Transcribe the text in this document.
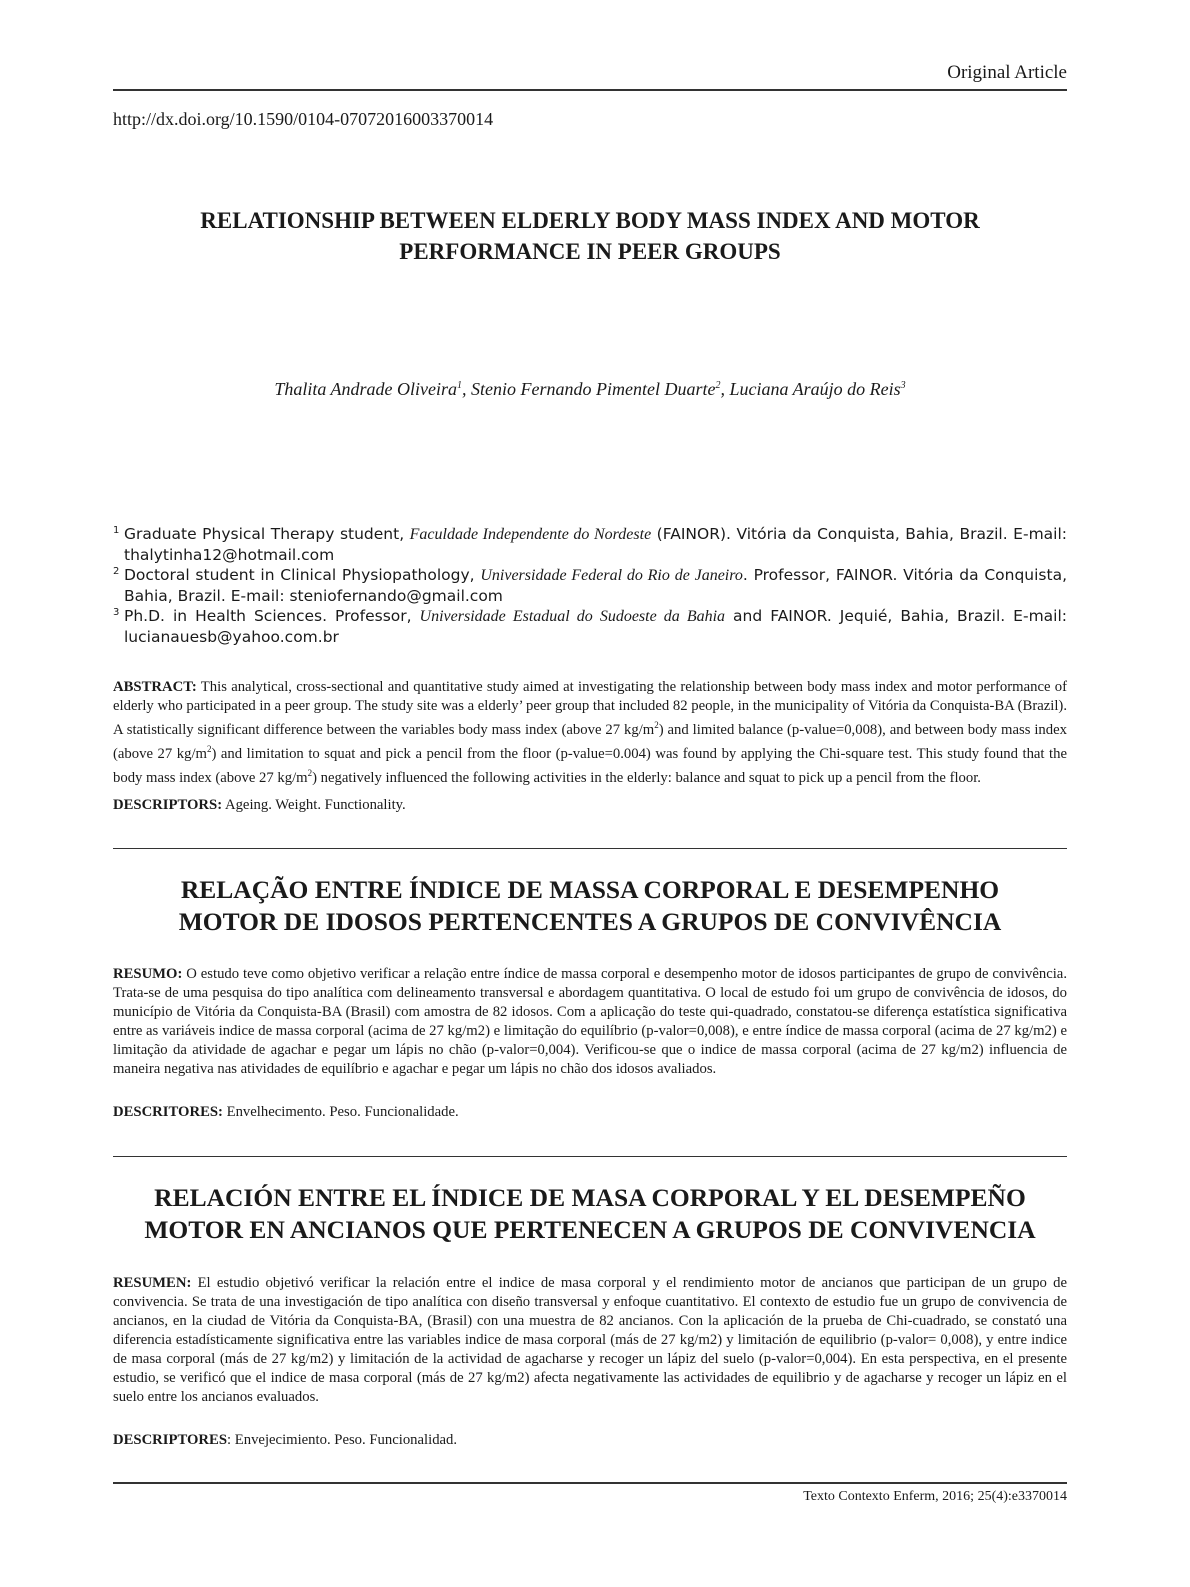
Original Article
http://dx.doi.org/10.1590/0104-07072016003370014
RELATIONSHIP BETWEEN ELDERLY BODY MASS INDEX AND MOTOR
PERFORMANCE IN PEER GROUPS
Thalita Andrade Oliveira$^1$, Stenio Fernando Pimentel Duarte$^2$, Luciana Araújo do Reis$^3$
1 Graduate Physical Therapy student, Faculdade Independente do Nordeste (FAINOR). Vitória da Conquista, Bahia, Brazil. E-mail: thalytinha12@hotmail.com
2 Doctoral student in Clinical Physiopathology, Universidade Federal do Rio de Janeiro. Professor, FAINOR. Vitória da Conquista, Bahia, Brazil. E-mail: steniofernando@gmail.com
3 Ph.D. in Health Sciences. Professor, Universidade Estadual do Sudoeste da Bahia and FAINOR. Jequié, Bahia, Brazil. E-mail: lucianauesb@yahoo.com.br
ABSTRACT: This analytical, cross-sectional and quantitative study aimed at investigating the relationship between body mass index and motor performance of elderly who participated in a peer group. The study site was a elderly’ peer group that included 82 people, in the municipality of Vitória da Conquista-BA (Brazil). A statistically significant difference between the variables body mass index (above 27 $kg/m^2$) and limited balance (p-value=0,008), and between body mass index (above 27 $kg/m^2$) and limitation to squat and pick a pencil from the floor (p-value=0.004) was found by applying the Chi-square test. This study found that the body mass index (above 27 $kg/m^2$) negatively influenced the following activities in the elderly: balance and squat to pick up a pencil from the floor.
DESCRIPTORS: Ageing. Weight. Functionality.
RELAÇÃO ENTRE ÍNDICE DE MASSA CORPORAL E DESEMPENHO
MOTOR DE IDOSOS PERTENCENTES A GRUPOS DE CONVIVÊNCIA
RESUMO: O estudo teve como objetivo verificar a relação entre índice de massa corporal e desempenho motor de idosos participantes de grupo de convivência. Trata-se de uma pesquisa do tipo analítica com delineamento transversal e abordagem quantitativa. O local de estudo foi um grupo de convivência de idosos, do município de Vitória da Conquista-BA (Brasil) com amostra de 82 idosos. Com a aplicação do teste qui-quadrado, constatou-se diferença estatística significativa entre as variáveis indice de massa corporal (acima de 27 kg/m2) e limitação do equilíbrio (p-valor=0,008), e entre índice de massa corporal (acima de 27 kg/m2) e limitação da atividade de agachar e pegar um lápis no chão (p-valor=0,004). Verificou-se que o indice de massa corporal (acima de 27 kg/m2) influencia de maneira negativa nas atividades de equilíbrio e agachar e pegar um lápis no chão dos idosos avaliados.
DESCRITORES: Envelhecimento. Peso. Funcionalidade.
RELACIÓN ENTRE EL ÍNDICE DE MASA CORPORAL Y EL DESEMPEÑO
MOTOR EN ANCIANOS QUE PERTENECEN A GRUPOS DE CONVIVENCIA
RESUMEN: El estudio objetivó verificar la relación entre el indice de masa corporal y el rendimiento motor de ancianos que participan de un grupo de convivencia. Se trata de una investigación de tipo analítica con diseño transversal y enfoque cuantitativo. El contexto de estudio fue un grupo de convivencia de ancianos, en la ciudad de Vitória da Conquista-BA, (Brasil) con una muestra de 82 ancianos. Con la aplicación de la prueba de Chi-cuadrado, se constató una diferencia estadísticamente significativa entre las variables indice de masa corporal (más de 27 kg/m2) y limitación de equilibrio (p-valor= 0,008), y entre indice de masa corporal (más de 27 kg/m2) y limitación de la actividad de agacharse y recoger un lápiz del suelo (p-valor=0,004). En esta perspectiva, en el presente estudio, se verificó que el indice de masa corporal (más de 27 kg/m2) afecta negativamente las actividades de equilibrio y de agacharse y recoger un lápiz en el suelo entre los ancianos evaluados.
DESCRIPTORES: Envejecimiento. Peso. Funcionalidad.
Texto Contexto Enferm, 2016; 25(4):e3370014
